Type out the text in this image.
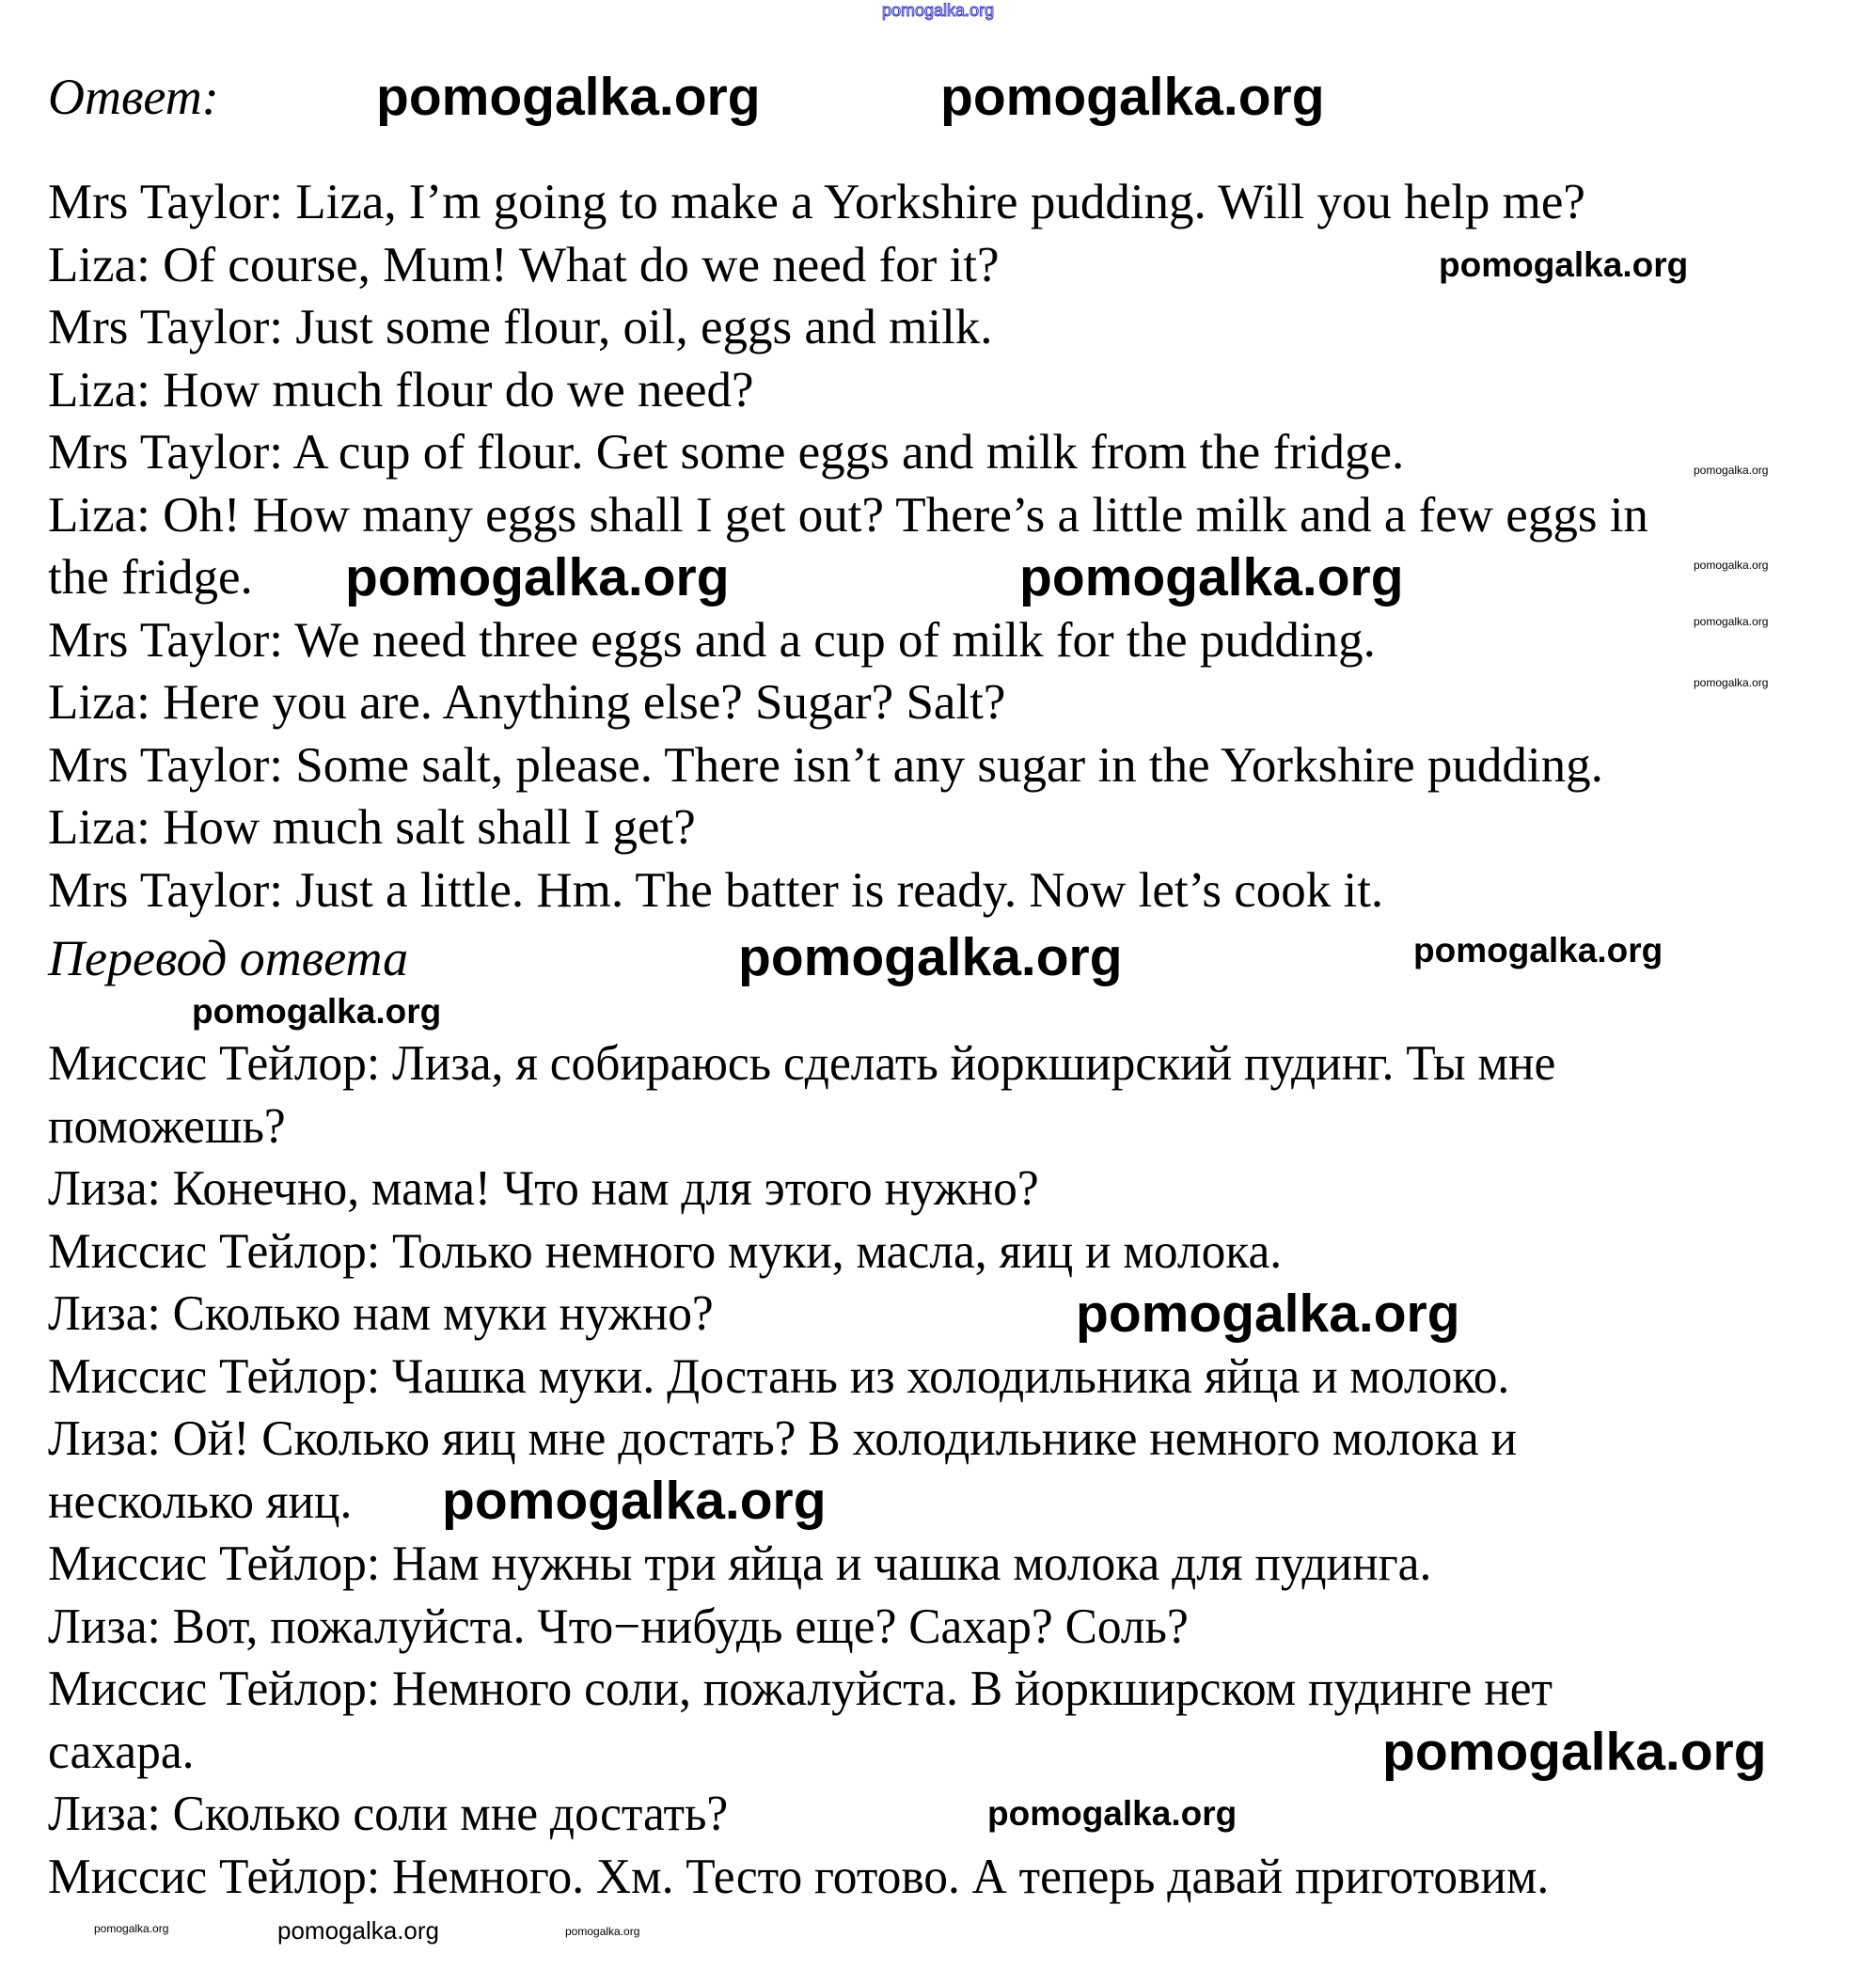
pomogalka.org
Ответ:
Mrs Taylor: Liza, I’m going to make a Yorkshire pudding. Will you help me?
Liza: Of course, Mum! What do we need for it?
Mrs Taylor: Just some flour, oil, eggs and milk.
Liza: How much flour do we need?
Mrs Taylor: A cup of flour. Get some eggs and milk from the fridge.
Liza: Oh! How many eggs shall I get out? There’s a little milk and a few eggs in
the fridge.
Mrs Taylor: We need three eggs and a cup of milk for the pudding.
Liza: Here you are. Anything else? Sugar? Salt?
Mrs Taylor: Some salt, please. There isn’t any sugar in the Yorkshire pudding.
Liza: How much salt shall I get?
Mrs Taylor: Just a little. Hm. The batter is ready. Now let’s cook it.
Перевод ответа
Миссис Тейлор: Лиза, я собираюсь сделать йоркширский пудинг. Ты мне
поможешь?
Лиза: Конечно, мама! Что нам для этого нужно?
Миссис Тейлор: Только немного муки, масла, яиц и молока.
Лиза: Сколько нам муки нужно?
Миссис Тейлор: Чашка муки. Достань из холодильника яйца и молоко.
Лиза: Ой! Сколько яиц мне достать? В холодильнике немного молока и
несколько яиц.
Миссис Тейлор: Нам нужны три яйца и чашка молока для пудинга.
Лиза: Вот, пожалуйста. Что−нибудь еще? Сахар? Соль?
Миссис Тейлор: Немного соли, пожалуйста. В йоркширском пудинге нет
сахара.
Лиза: Сколько соли мне достать?
Миссис Тейлор: Немного. Хм. Тесто готово. А теперь давай приготовим.
pomogalka.org	pomogalka.org
pomogalka.org
pomogalka.org
pomogalka.org
pomogalka.org
pomogalka.org
pomogalka.org	pomogalka.org
pomogalka.org
pomogalka.org
pomogalka.org
pomogalka.org
pomogalka.org
pomogalka.org
pomogalka.org
pomogalka.org	pomogalka.org	pomogalka.org
